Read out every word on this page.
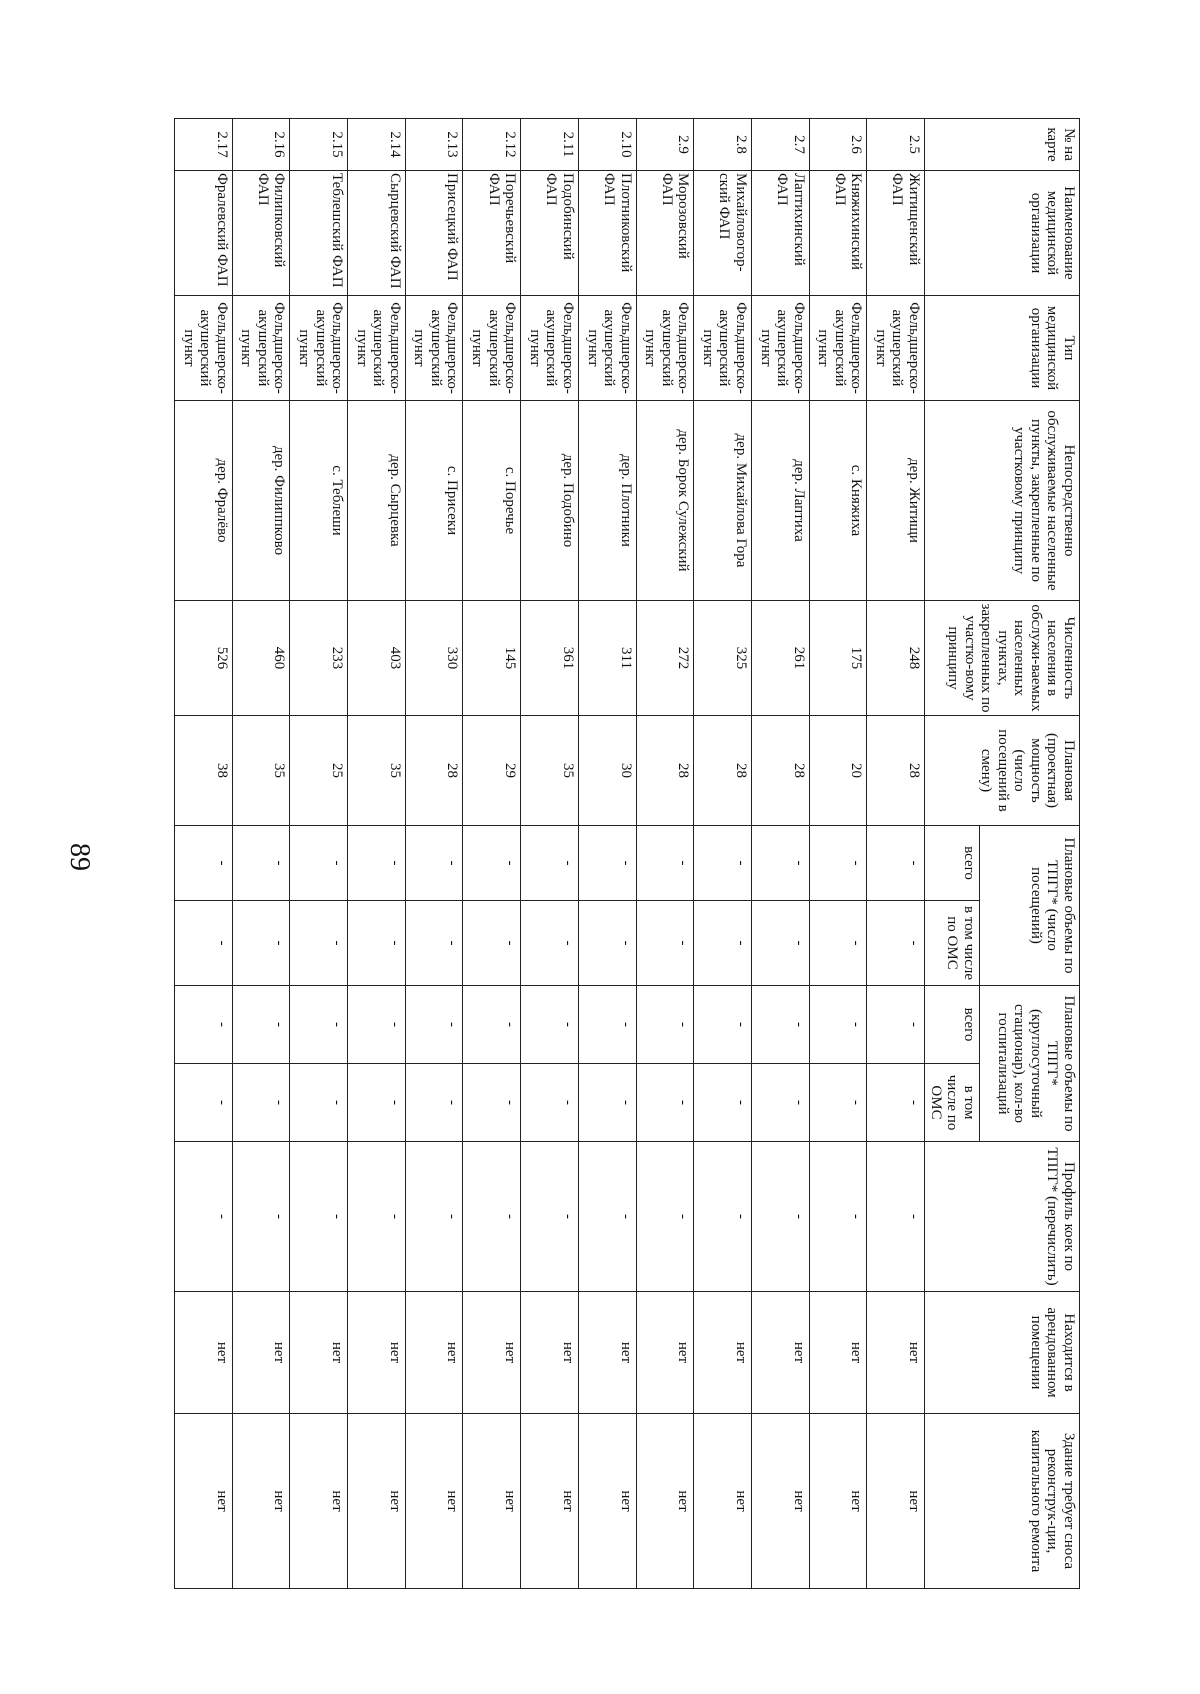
89
№ на карте	Наименование медицинской организации	Тип медицинской организации	Непосредственно обслуживаемые населенные пункты, закрепленные по участковому принципу	Численность населения в обслужи-ваемых населенных пунктах, закрепленных по участко-вому принципу	Плановая (проектная) мощность (число посещений в смену)	Плановые объемы по ТПГГ* (число посещений)		Плановые объемы по ТПГГ* (круглосуточный стационар), кол-во госпитализаций		Профиль коек по ТПГГ* (перечислить)	Находится в арендованном помещении	Здание требует сноса реконструк-ции, капитального ремонта
						всего	в том числе по ОМС	всего	в том числе по ОМС			
2.5	Житищенский ФАП	Фельдшерско-акушерский пункт	дер. Житищи	248	28	-	-	-	-	-	нет	нет
2.6	Княжихинский ФАП	Фельдшерско-акушерский пункт	с. Княжиха	175	20	-	-	-	-	-	нет	нет
2.7	Лаптихинский ФАП	Фельдшерско-акушерский пункт	дер. Лаптиха	261	28	-	-	-	-	-	нет	нет
2.8	Михайловогор-ский ФАП	Фельдшерско-акушерский пункт	дер. Михайлова Гора	325	28	-	-	-	-	-	нет	нет
2.9	Морозовский ФАП	Фельдшерско-акушерский пункт	дер. Борок Сулежский	272	28	-	-	-	-	-	нет	нет
2.10	Плотниковский ФАП	Фельдшерско-акушерский пункт	дер. Плотники	311	30	-	-	-	-	-	нет	нет
2.11	Подобинский ФАП	Фельдшерско-акушерский пункт	дер. Подобино	361	35	-	-	-	-	-	нет	нет
2.12	Поречьевский ФАП	Фельдшерско-акушерский пункт	с. Поречье	145	29	-	-	-	-	-	нет	нет
2.13	Присецкий ФАП	Фельдшерско-акушерский пункт	с. Присеки	330	28	-	-	-	-	-	нет	нет
2.14	Сырцевский ФАП	Фельдшерско-акушерский пункт	дер. Сырцевка	403	35	-	-	-	-	-	нет	нет
2.15	Теблешский ФАП	Фельдшерско-акушерский пункт	с. Теблеши	233	25	-	-	-	-	-	нет	нет
2.16	Филипковский ФАП	Фельдшерско-акушерский пункт	дер. Филиппково	460	35	-	-	-	-	-	нет	нет
2.17	Фралевский ФАП	Фельдшерско-акушерский пункт	дер. Фралёво	526	38	-	-	-	-	-	нет	нет
